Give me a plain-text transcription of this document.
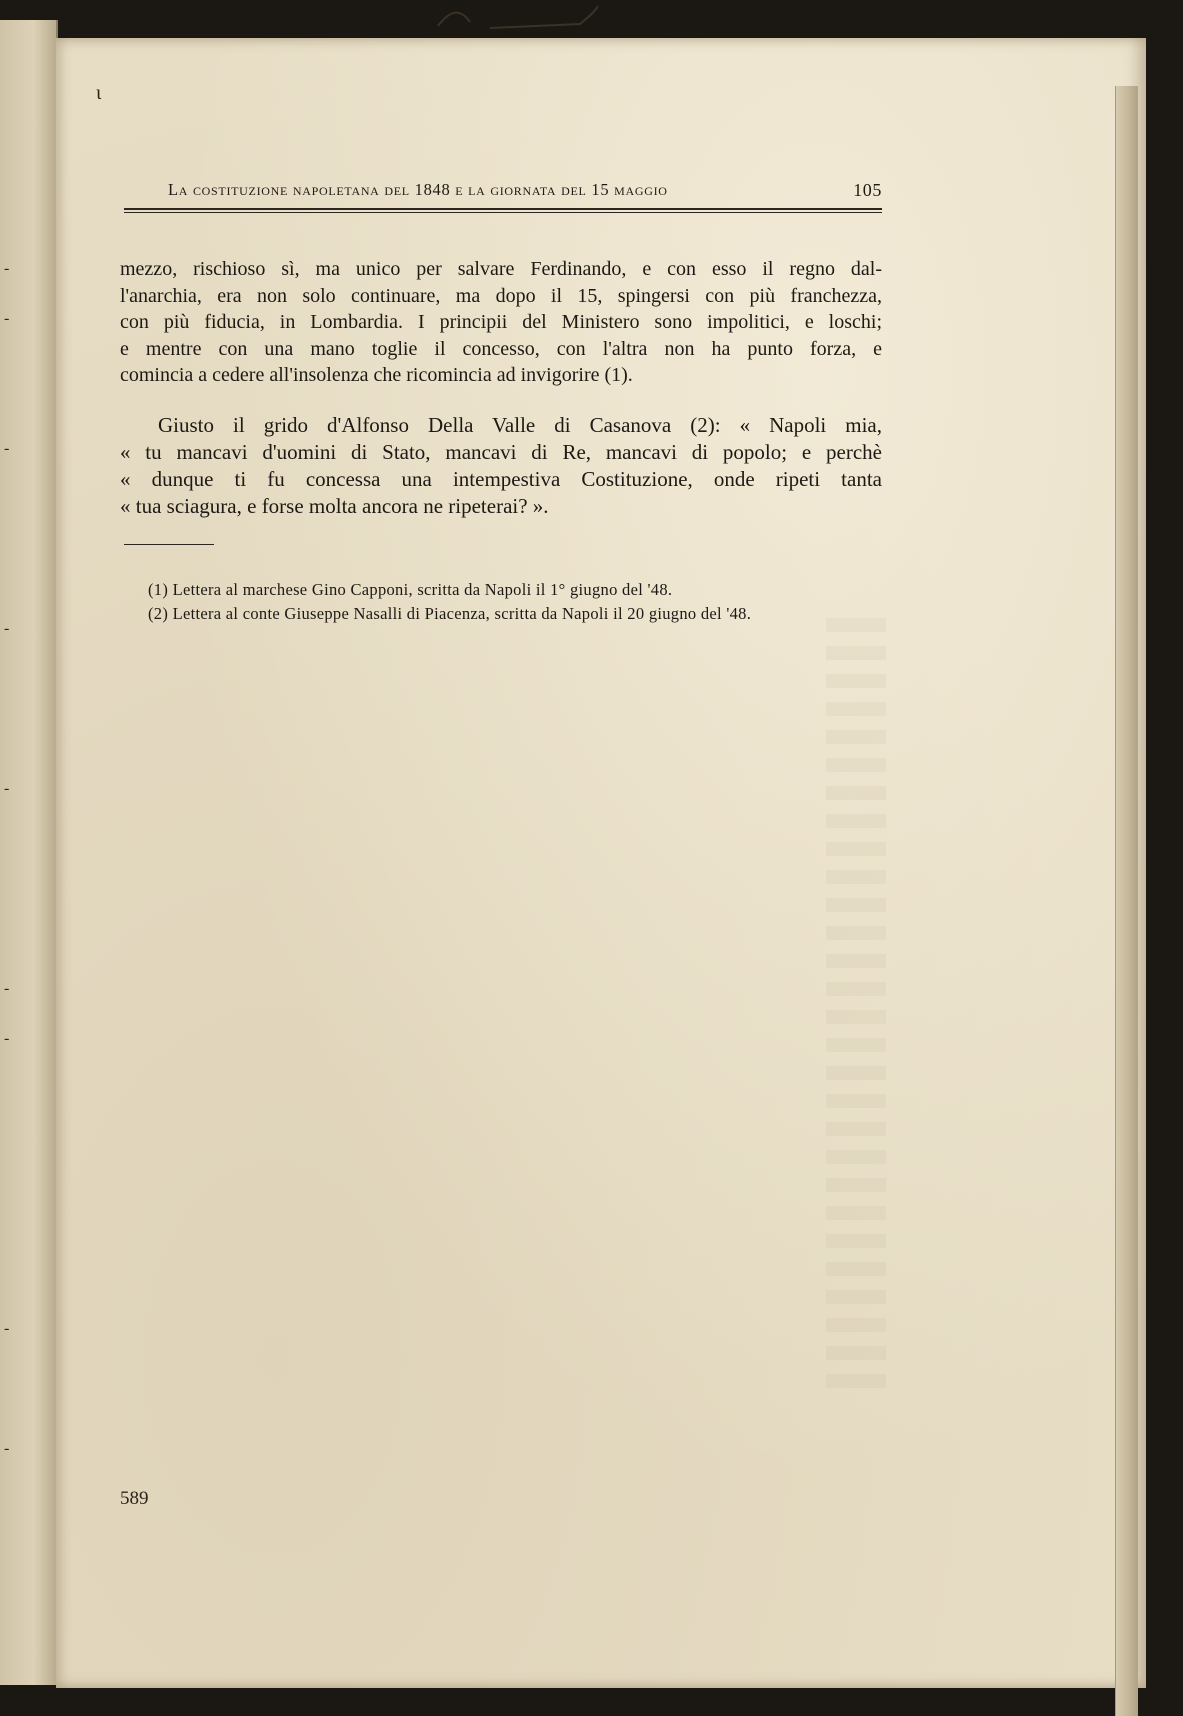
-
-
-
-
-
-
-
-
-
ι
La costituzione napoletana del 1848 e la giornata del 15 maggio	105
mezzo, rischioso sì, ma unico per salvare Ferdinando, e con esso il regno dal-
l'anarchia, era non solo continuare, ma dopo il 15, spingersi con più franchezza,
con più fiducia, in Lombardia. I principii del Ministero sono impolitici, e loschi;
e mentre con una mano toglie il concesso, con l'altra non ha punto forza, e
comincia a cedere all'insolenza che ricomincia ad invigorire (1).
Giusto il grido d'Alfonso Della Valle di Casanova (2): « Napoli mia,
« tu mancavi d'uomini di Stato, mancavi di Re, mancavi di popolo; e perchè
« dunque ti fu concessa una intempestiva Costituzione, onde ripeti tanta
« tua sciagura, e forse molta ancora ne ripeterai? ».
(1) Lettera al marchese Gino Capponi, scritta da Napoli il 1° giugno del '48.
(2) Lettera al conte Giuseppe Nasalli di Piacenza, scritta da Napoli il 20 giugno del '48.
589
